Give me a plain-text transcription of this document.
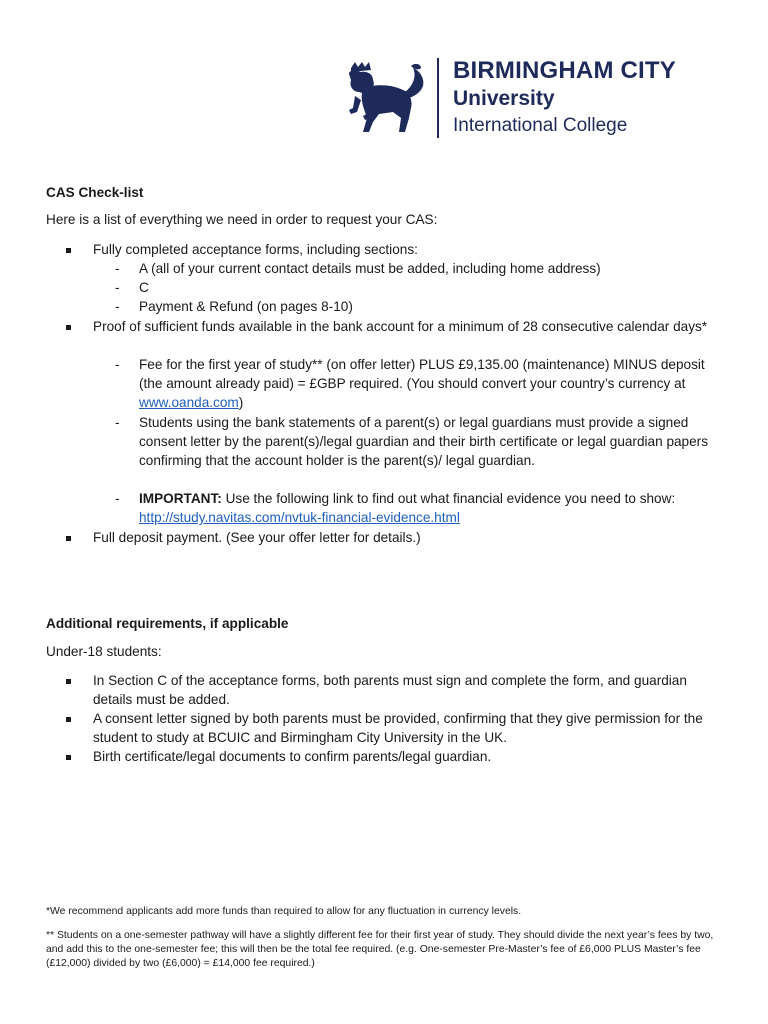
BIRMINGHAM CITY
University
International College
CAS Check-list
Here is a list of everything we need in order to request your CAS:
Fully completed acceptance forms, including sections:
- A (all of your current contact details must be added, including home address)
- C
- Payment & Refund (on pages 8-10)
Proof of sufficient funds available in the bank account for a minimum of 28 consecutive calendar days*
- Fee for the first year of study** (on offer letter) PLUS £9,135.00 (maintenance) MINUS deposit (the amount already paid) = £GBP required. (You should convert your country’s currency at www.oanda.com)
- Students using the bank statements of a parent(s) or legal guardians must provide a signed consent letter by the parent(s)/legal guardian and their birth certificate or legal guardian papers confirming that the account holder is the parent(s)/ legal guardian.
- IMPORTANT: Use the following link to find out what financial evidence you need to show: http://study.navitas.com/nvtuk-financial-evidence.html
Full deposit payment. (See your offer letter for details.)
Additional requirements, if applicable
Under-18 students:
In Section C of the acceptance forms, both parents must sign and complete the form, and guardian details must be added.
A consent letter signed by both parents must be provided, confirming that they give permission for the student to study at BCUIC and Birmingham City University in the UK.
Birth certificate/legal documents to confirm parents/legal guardian.
*We recommend applicants add more funds than required to allow for any fluctuation in currency levels.
** Students on a one-semester pathway will have a slightly different fee for their first year of study. They should divide the next year’s fees by two, and add this to the one-semester fee; this will then be the total fee required. (e.g. One-semester Pre-Master’s fee of £6,000 PLUS Master’s fee (£12,000) divided by two (£6,000) = £14,000 fee required.)
